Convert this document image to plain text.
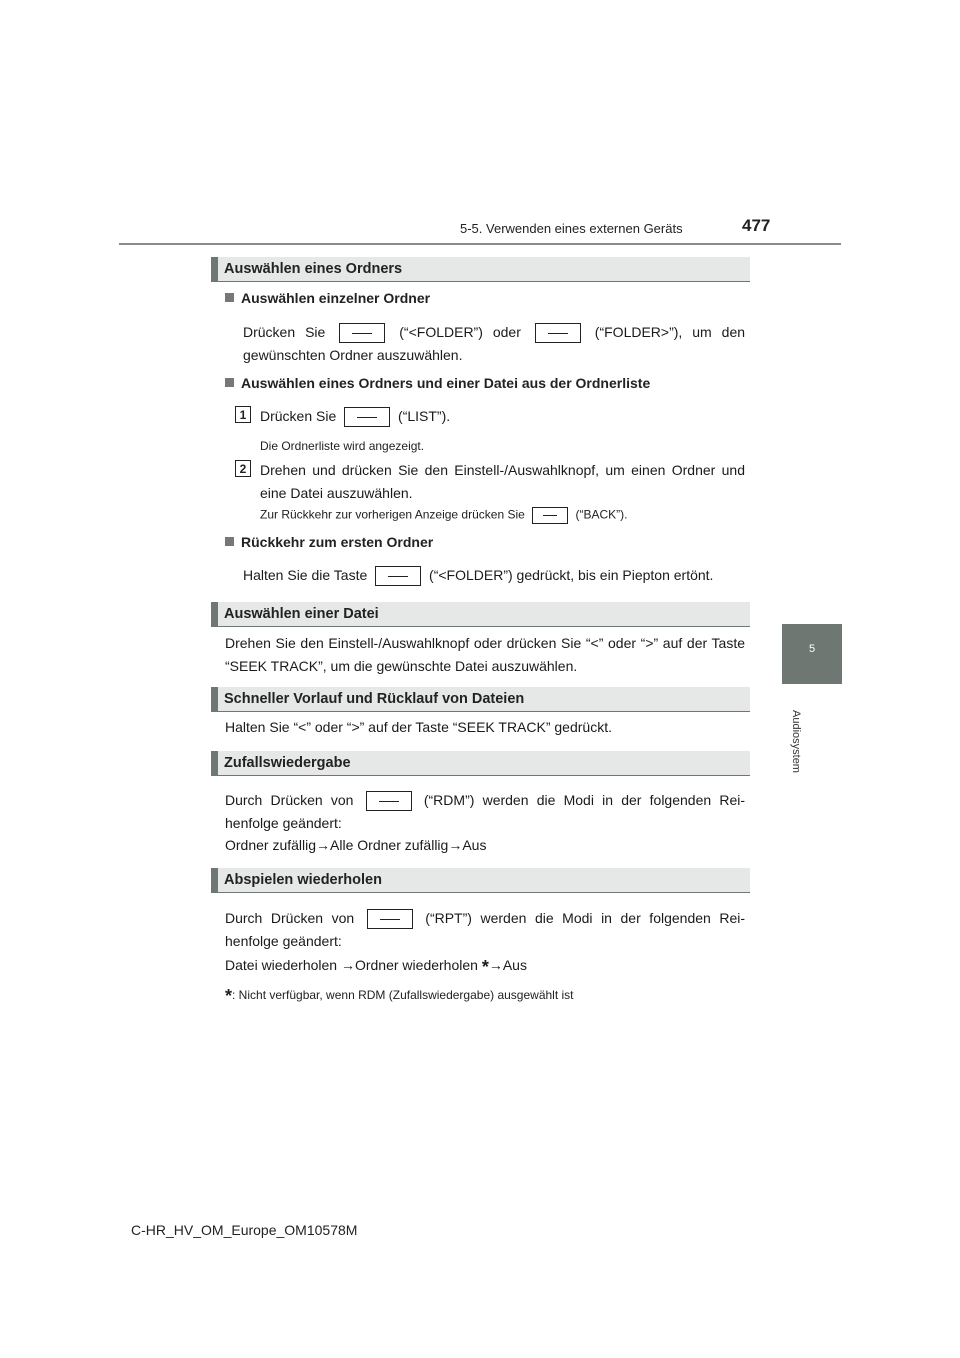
5-5. Verwenden eines externen Geräts	477
5
Audiosystem
Auswählen eines Ordners
Auswählen einzelner Ordner
Drücken Sie	(“<FOLDER”) oder	(“FOLDER>”), um den gewünschten Ordner auszuwählen.
Auswählen eines Ordners und einer Datei aus der Ordnerliste
1 Drücken Sie	(“LIST”).
Die Ordnerliste wird angezeigt.
2 Drehen und drücken Sie den Einstell-/Auswahlknopf, um einen Ordner und eine Datei auszuwählen.
Zur Rückkehr zur vorherigen Anzeige drücken Sie	(“BACK”).
Rückkehr zum ersten Ordner
Halten Sie die Taste	(“<FOLDER”) gedrückt, bis ein Piepton ertönt.
Auswählen einer Datei
Drehen Sie den Einstell-/Auswahlknopf oder drücken Sie “<” oder “>” auf der Taste “SEEK TRACK”, um die gewünschte Datei auszuwählen.
Schneller Vorlauf und Rücklauf von Dateien
Halten Sie “<” oder “>” auf der Taste “SEEK TRACK” gedrückt.
Zufallswiedergabe
Durch Drücken von	(“RDM”) werden die Modi in der folgenden Rei-henfolge geändert:
Ordner zufällig→Alle Ordner zufällig→Aus
Abspielen wiederholen
Durch Drücken von	(“RPT”) werden die Modi in der folgenden Rei-henfolge geändert:
Datei wiederholen →Ordner wiederholen *→Aus
*: Nicht verfügbar, wenn RDM (Zufallswiedergabe) ausgewählt ist
C-HR_HV_OM_Europe_OM10578M
